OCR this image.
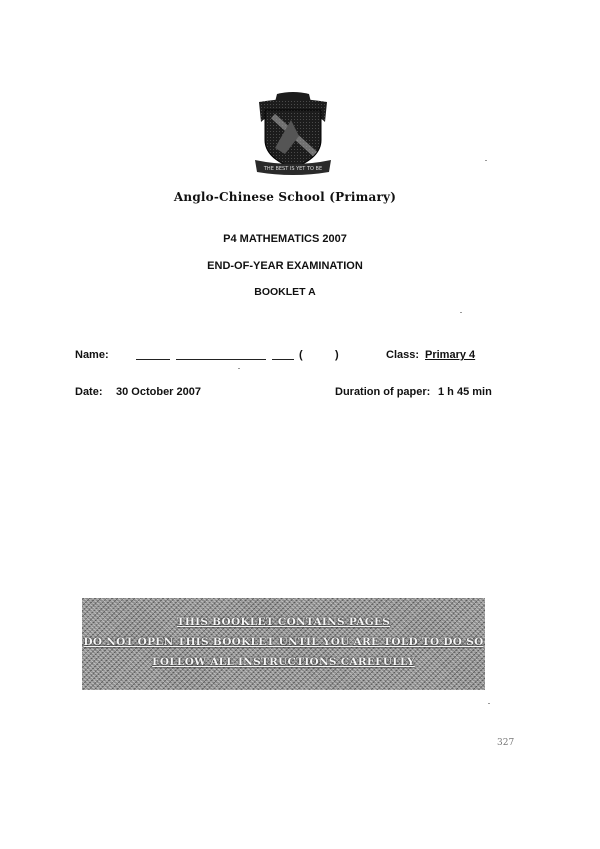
THE BEST IS YET TO BE
Anglo-Chinese School (Primary)
P4 MATHEMATICS 2007
END-OF-YEAR EXAMINATION
BOOKLET A
Name:	(	)	Class: Primary 4
Date: 30 October 2007	Duration of paper: 1 h 45 min
THIS BOOKLET CONTAINS PAGES
DO NOT OPEN THIS BOOKLET UNTIL YOU ARE TOLD TO DO SO
FOLLOW ALL INSTRUCTIONS CAREFULLY
327
